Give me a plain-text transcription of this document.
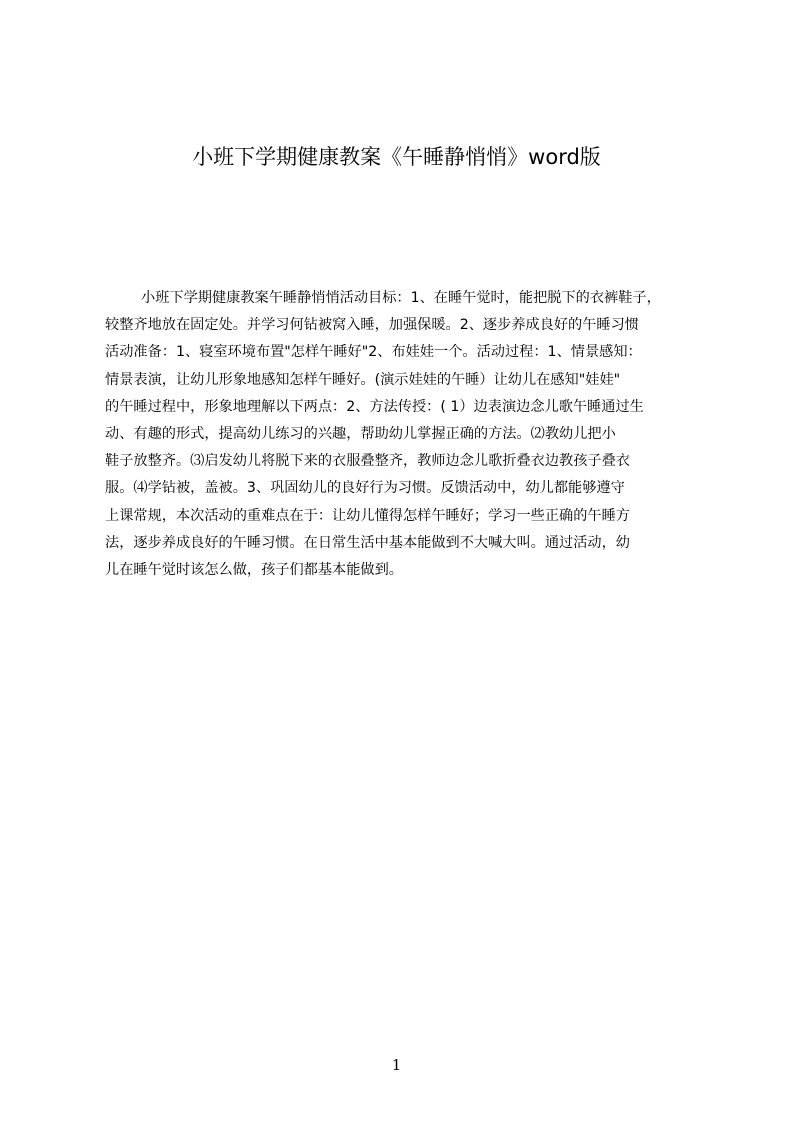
小班下学期健康教案《午睡静悄悄》word版
小班下学期健康教案午睡静悄悄活动目标：1、在睡午觉时，能把脱下的衣裤鞋子，
较整齐地放在固定处。并学习何钻被窝入睡，加强保暖。2、逐步养成良好的午睡习惯
活动准备：1、寝室环境布置"怎样午睡好"2、布娃娃一个。活动过程：1、情景感知：
情景表演，让幼儿形象地感知怎样午睡好。(演示娃娃的午睡）让幼儿在感知"娃娃"
的午睡过程中，形象地理解以下两点：2、方法传授：( 1）边表演边念儿歌午睡通过生
动、有趣的形式，提高幼儿练习的兴趣，帮助幼儿掌握正确的方法。⑵教幼儿把小
鞋子放整齐。⑶启发幼儿将脱下来的衣服叠整齐，教师边念儿歌折叠衣边教孩子叠衣
服。⑷学钻被，盖被。3、巩固幼儿的良好行为习惯。反馈活动中，幼儿都能够遵守
上课常规，本次活动的重难点在于：让幼儿懂得怎样午睡好；学习一些正确的午睡方
法，逐步养成良好的午睡习惯。在日常生活中基本能做到不大喊大叫。通过活动，幼
儿在睡午觉时该怎么做，孩子们都基本能做到。
1
